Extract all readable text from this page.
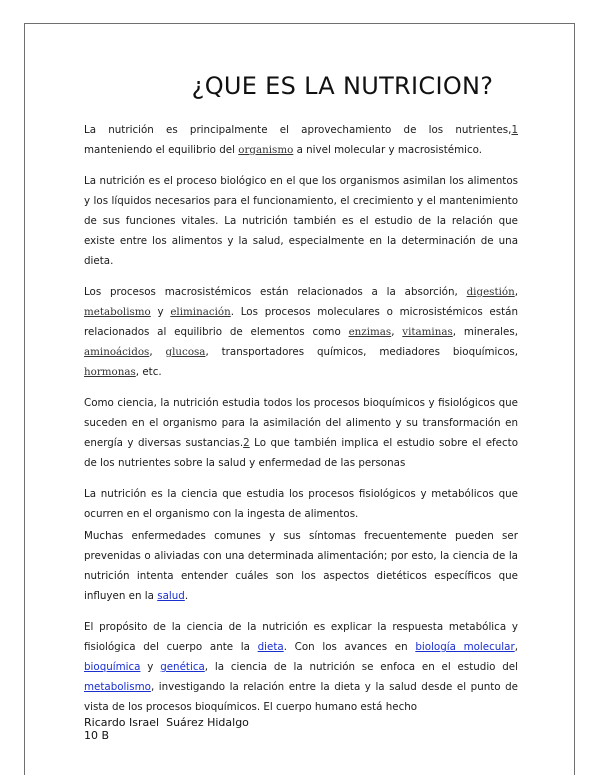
¿QUE ES LA NUTRICION?

La nutrición es principalmente el aprovechamiento de los nutrientes,1 manteniendo el equilibrio del organismo a nivel molecular y macrosistémico.

La nutrición es el proceso biológico en el que los organismos asimilan los alimentos y los líquidos necesarios para el funcionamiento, el crecimiento y el mantenimiento de sus funciones vitales. La nutrición también es el estudio de la relación que existe entre los alimentos y la salud, especialmente en la determinación de una dieta.

Los procesos macrosistémicos están relacionados a la absorción, digestión, metabolismo y eliminación. Los procesos moleculares o microsistémicos están relacionados al equilibrio de elementos como enzimas, vitaminas, minerales, aminoácidos, glucosa, transportadores químicos, mediadores bioquímicos, hormonas, etc.

Como ciencia, la nutrición estudia todos los procesos bioquímicos y fisiológicos que suceden en el organismo para la asimilación del alimento y su transformación en energía y diversas sustancias.2 Lo que también implica el estudio sobre el efecto de los nutrientes sobre la salud y enfermedad de las personas

La nutrición es la ciencia que estudia los procesos fisiológicos y metabólicos que ocurren en el organismo con la ingesta de alimentos.

Muchas enfermedades comunes y sus síntomas frecuentemente pueden ser prevenidas o aliviadas con una determinada alimentación; por esto, la ciencia de la nutrición intenta entender cuáles son los aspectos dietéticos específicos que influyen en la salud.

El propósito de la ciencia de la nutrición es explicar la respuesta metabólica y fisiológica del cuerpo ante la dieta. Con los avances en biología molecular, bioquímica y genética, la ciencia de la nutrición se enfoca en el estudio del metabolismo, investigando la relación entre la dieta y la salud desde el punto de vista de los procesos bioquímicos. El cuerpo humano está hecho

Ricardo Israel  Suárez Hidalgo
10 B
